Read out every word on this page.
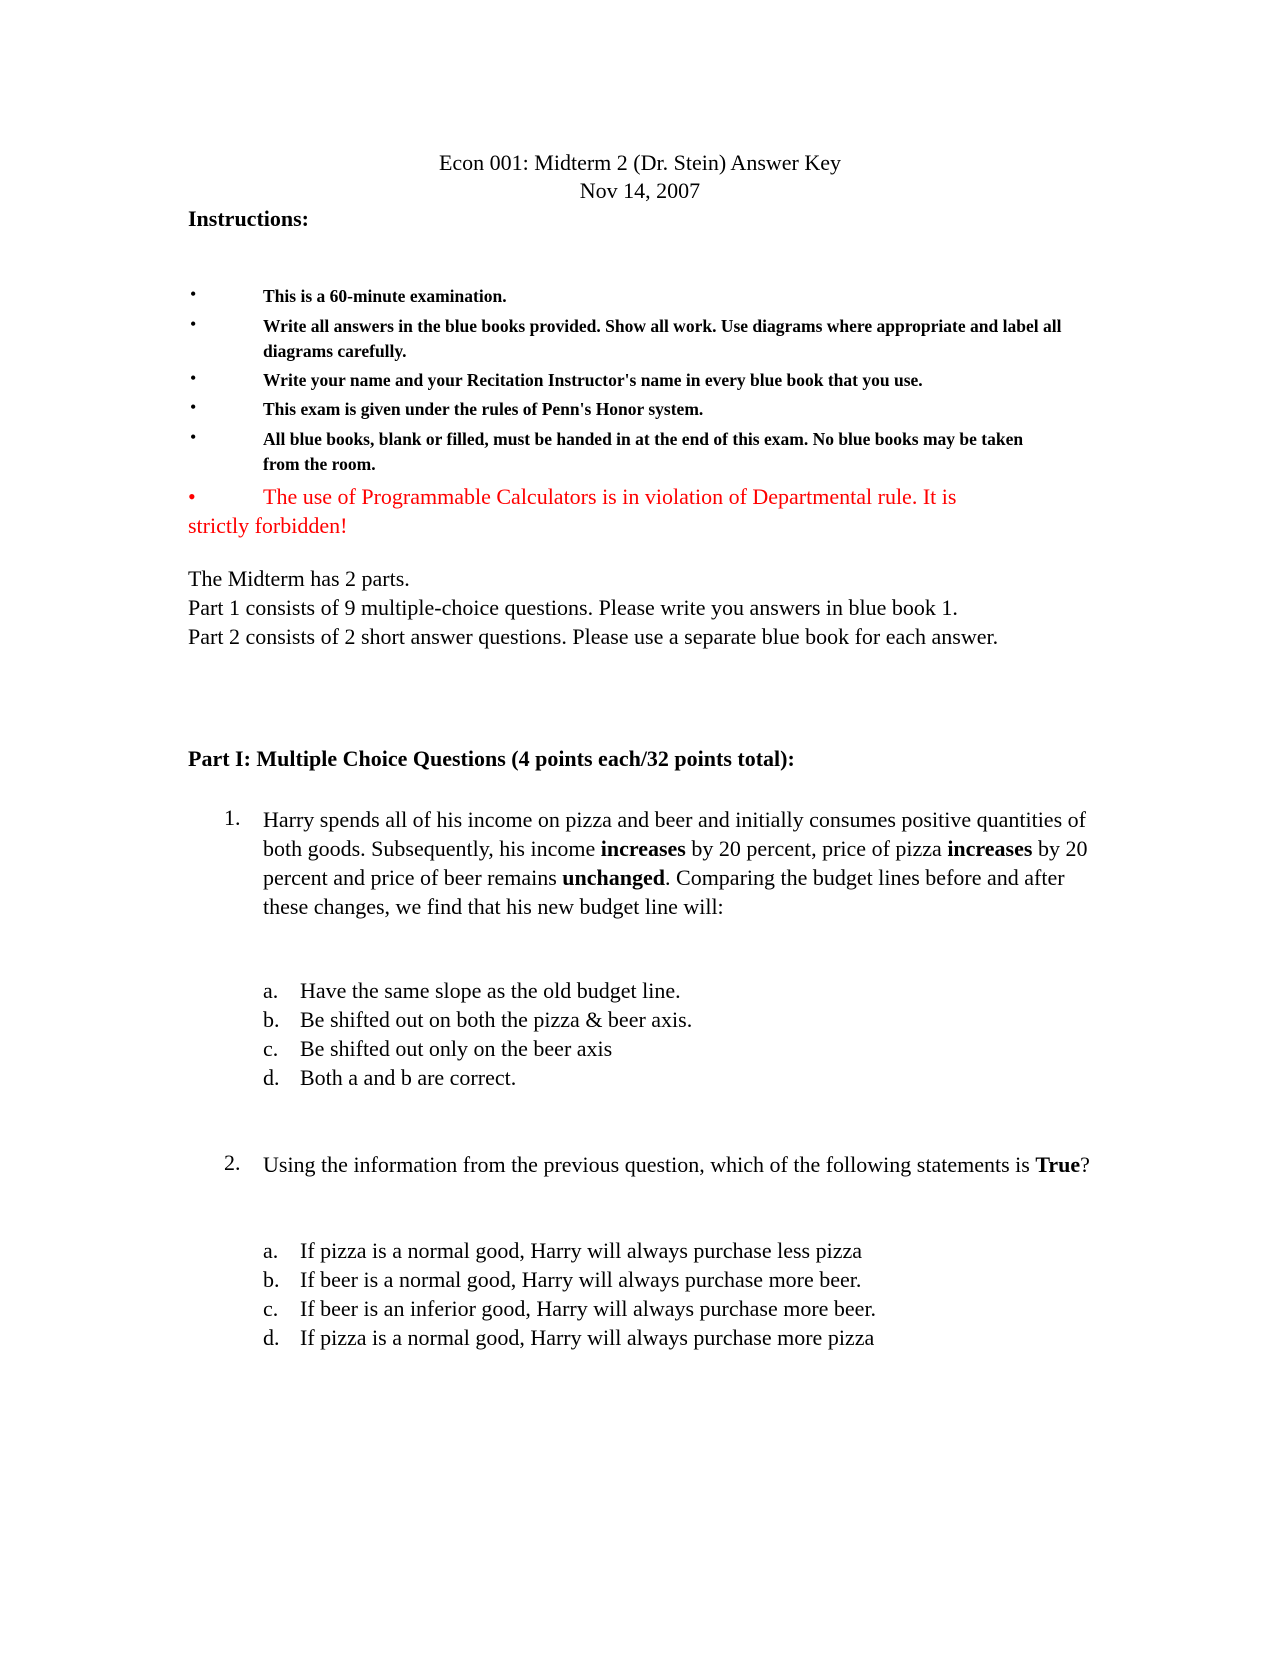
Econ 001: Midterm 2 (Dr. Stein) Answer Key
Nov 14, 2007
Instructions:
•	This is a 60-minute examination.
•	Write all answers in the blue books provided. Show all work. Use diagrams where appropriate and label all diagrams carefully.
•	Write your name and your Recitation Instructor's name in every blue book that you use.
•	This exam is given under the rules of Penn's Honor system.
•	All blue books, blank or filled, must be handed in at the end of this exam. No blue books may be taken from the room.
•	The use of Programmable Calculators is in violation of Departmental rule. It is
strictly forbidden!
The Midterm has 2 parts.
Part 1 consists of 9 multiple-choice questions. Please write you answers in blue book 1.
Part 2 consists of 2 short answer questions. Please use a separate blue book for each answer.
Part I: Multiple Choice Questions (4 points each/32 points total):
1. Harry spends all of his income on pizza and beer and initially consumes positive quantities of both goods. Subsequently, his income increases by 20 percent, price of pizza increases by 20 percent and price of beer remains unchanged. Comparing the budget lines before and after these changes, we find that his new budget line will:
a. Have the same slope as the old budget line.
b. Be shifted out on both the pizza & beer axis.
c. Be shifted out only on the beer axis
d. Both a and b are correct.
2. Using the information from the previous question, which of the following statements is True?
a. If pizza is a normal good, Harry will always purchase less pizza
b. If beer is a normal good, Harry will always purchase more beer.
c. If beer is an inferior good, Harry will always purchase more beer.
d. If pizza is a normal good, Harry will always purchase more pizza
